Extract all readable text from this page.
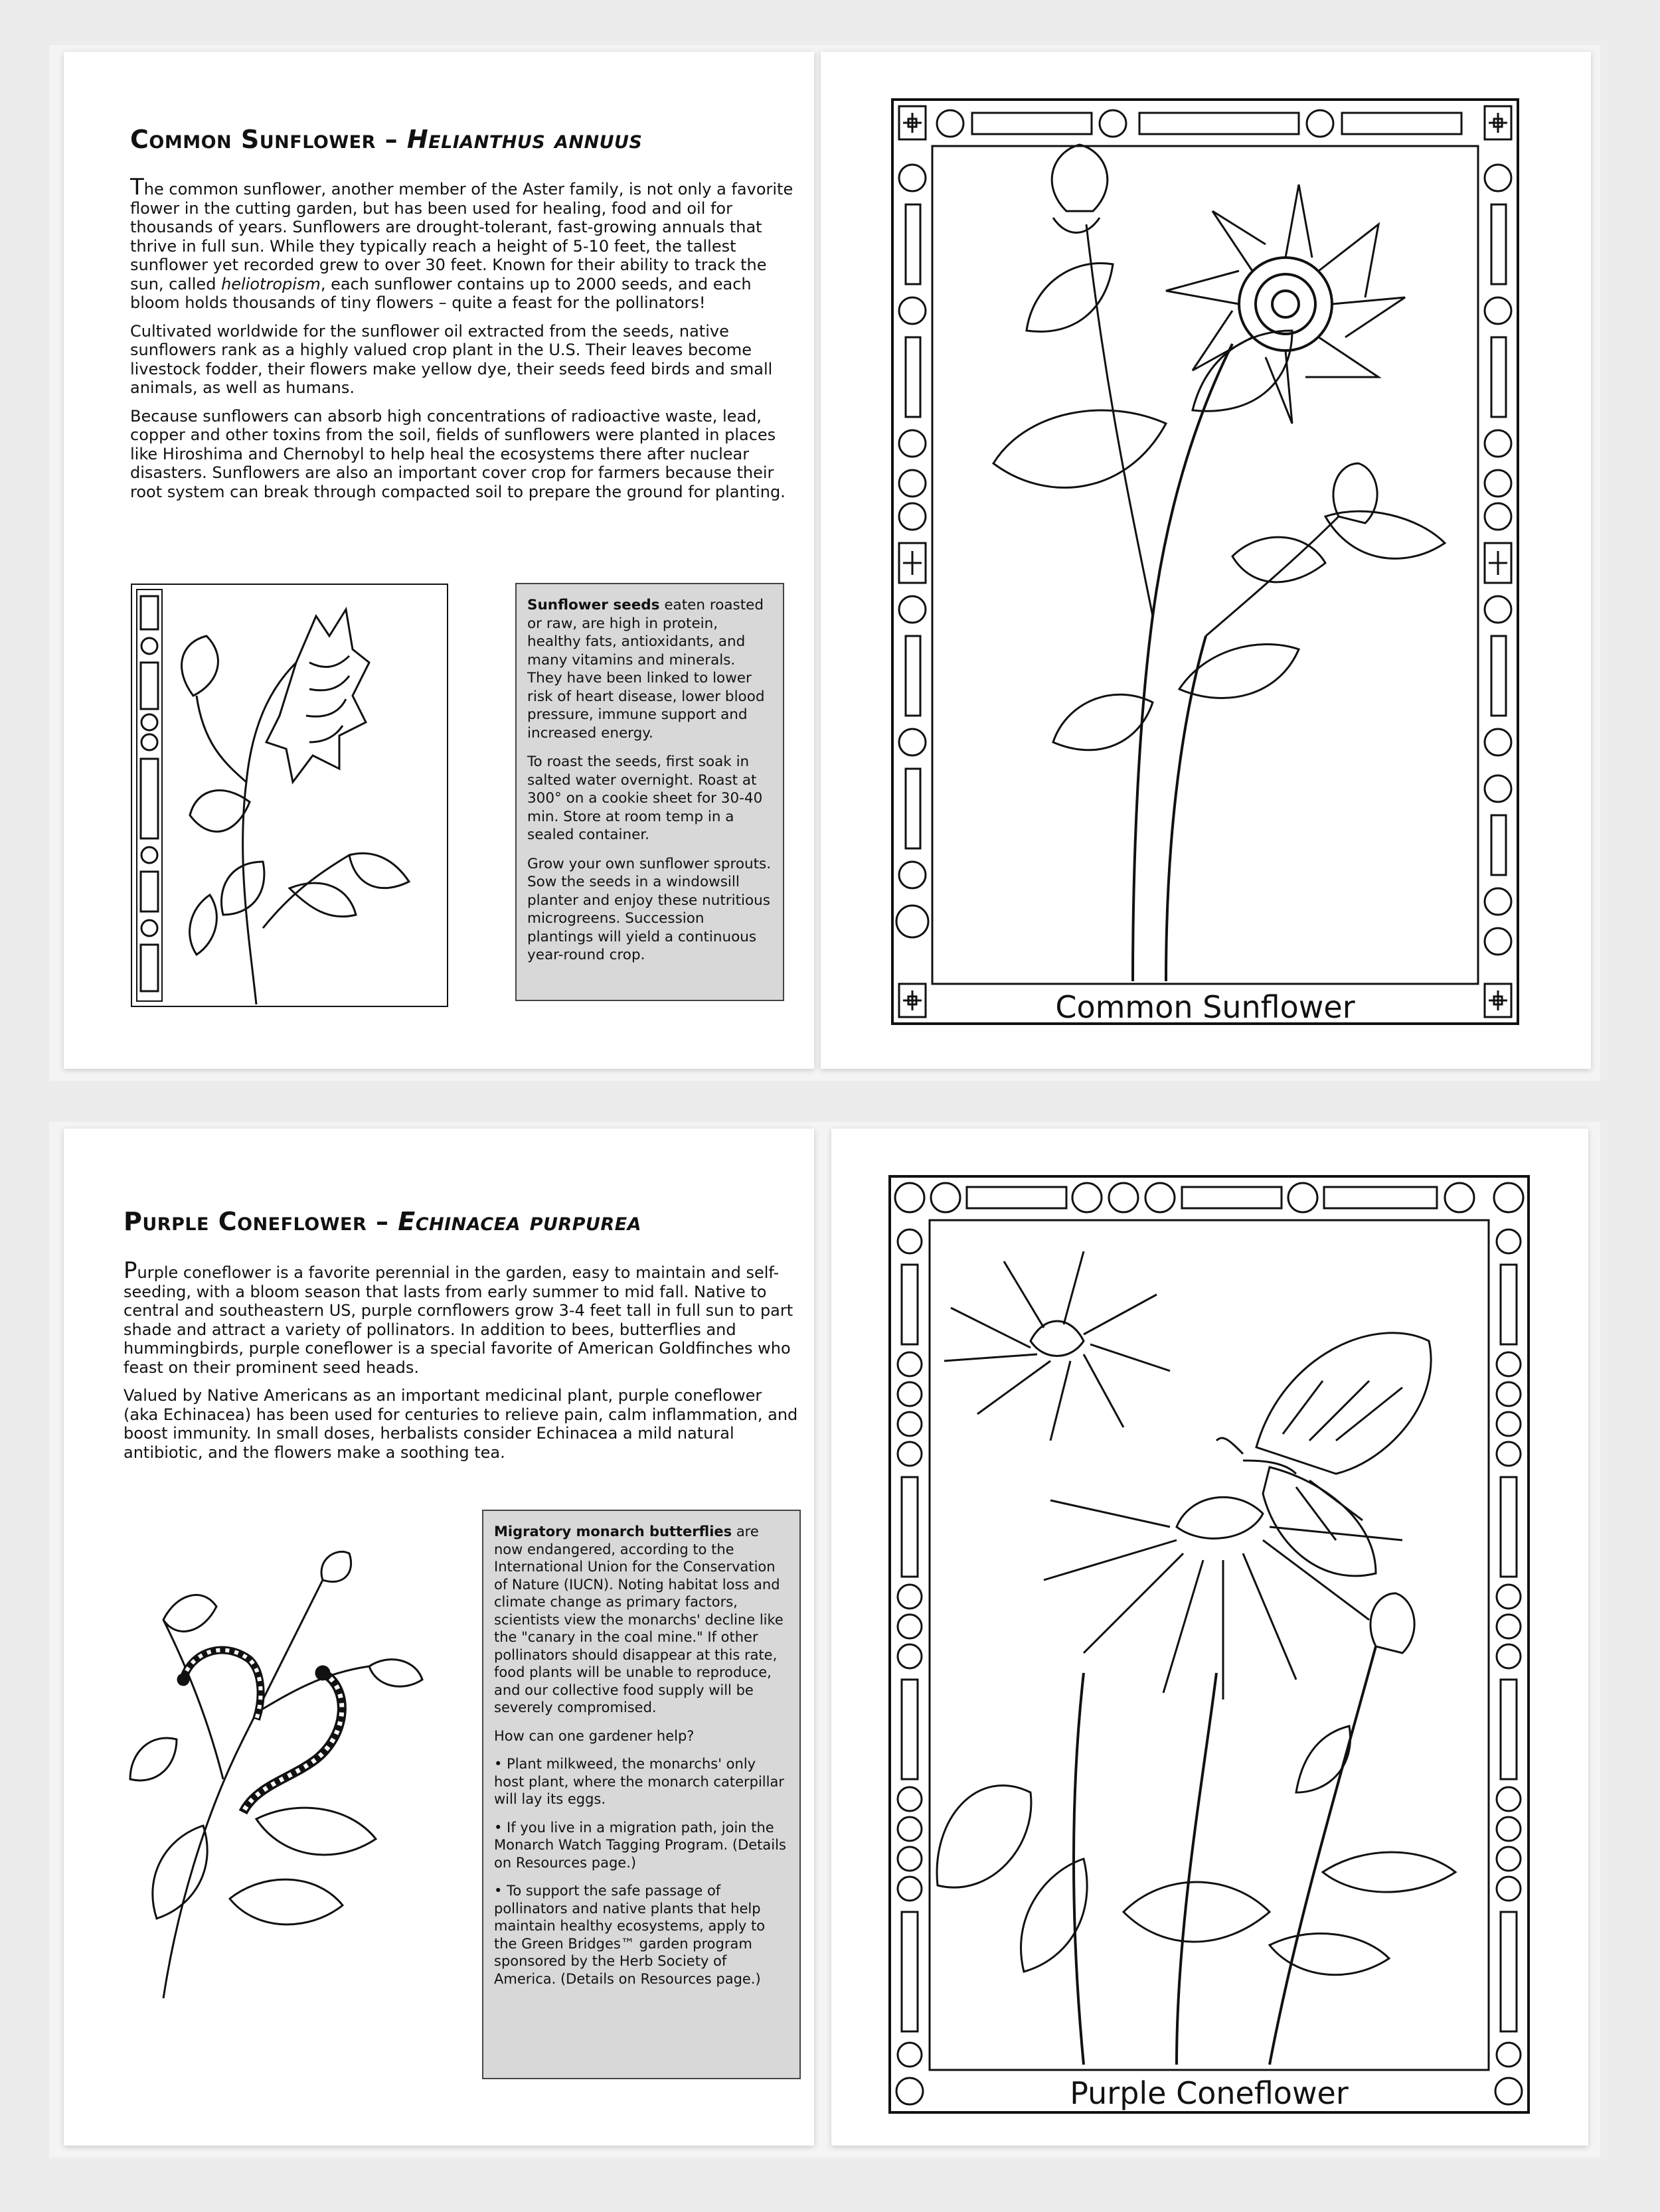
Common Sunflower – Helianthus annuus

The common sunflower, another member of the Aster family, is not only a favorite flower in the cutting garden, but has been used for healing, food and oil for thousands of years. Sunflowers are drought-tolerant, fast-growing annuals that thrive in full sun. While they typically reach a height of 5-10 feet, the tallest sunflower yet recorded grew to over 30 feet. Known for their ability to track the sun, called heliotropism, each sunflower contains up to 2000 seeds, and each bloom holds thousands of tiny flowers – quite a feast for the pollinators!

Cultivated worldwide for the sunflower oil extracted from the seeds, native sunflowers rank as a highly valued crop plant in the U.S. Their leaves become livestock fodder, their flowers make yellow dye, their seeds feed birds and small animals, as well as humans.

Because sunflowers can absorb high concentrations of radioactive waste, lead, copper and other toxins from the soil, fields of sunflowers were planted in places like Hiroshima and Chernobyl to help heal the ecosystems there after nuclear disasters. Sunflowers are also an important cover crop for farmers because their root system can break through compacted soil to prepare the ground for planting.

Sunflower seeds eaten roasted or raw, are high in protein, healthy fats, antioxidants, and many vitamins and minerals. They have been linked to lower risk of heart disease, lower blood pressure, immune support and increased energy.

To roast the seeds, first soak in salted water overnight. Roast at 300° on a cookie sheet for 30-40 min. Store at room temp in a sealed container.

Grow your own sunflower sprouts. Sow the seeds in a windowsill planter and enjoy these nutritious microgreens. Succession plantings will yield a continuous year-round crop.

Common Sunflower
Purple Coneflower – Echinacea purpurea

Purple coneflower is a favorite perennial in the garden, easy to maintain and self-seeding, with a bloom season that lasts from early summer to mid fall. Native to central and southeastern US, purple cornflowers grow 3-4 feet tall in full sun to part shade and attract a variety of pollinators. In addition to bees, butterflies and hummingbirds, purple coneflower is a special favorite of American Goldfinches who feast on their prominent seed heads.

Valued by Native Americans as an important medicinal plant, purple coneflower (aka Echinacea) has been used for centuries to relieve pain, calm inflammation, and boost immunity. In small doses, herbalists consider Echinacea a mild natural antibiotic, and the flowers make a soothing tea.

Migratory monarch butterflies are now endangered, according to the International Union for the Conservation of Nature (IUCN). Noting habitat loss and climate change as primary factors, scientists view the monarchs' decline like the "canary in the coal mine." If other pollinators should disappear at this rate, food plants will be unable to reproduce, and our collective food supply will be severely compromised.

How can one gardener help?

• Plant milkweed, the monarchs' only host plant, where the monarch caterpillar will lay its eggs.

• If you live in a migration path, join the Monarch Watch Tagging Program. (Details on Resources page.)

• To support the safe passage of pollinators and native plants that help maintain healthy ecosystems, apply to the Green Bridges™ garden program sponsored by the Herb Society of America. (Details on Resources page.)

Purple Coneflower
